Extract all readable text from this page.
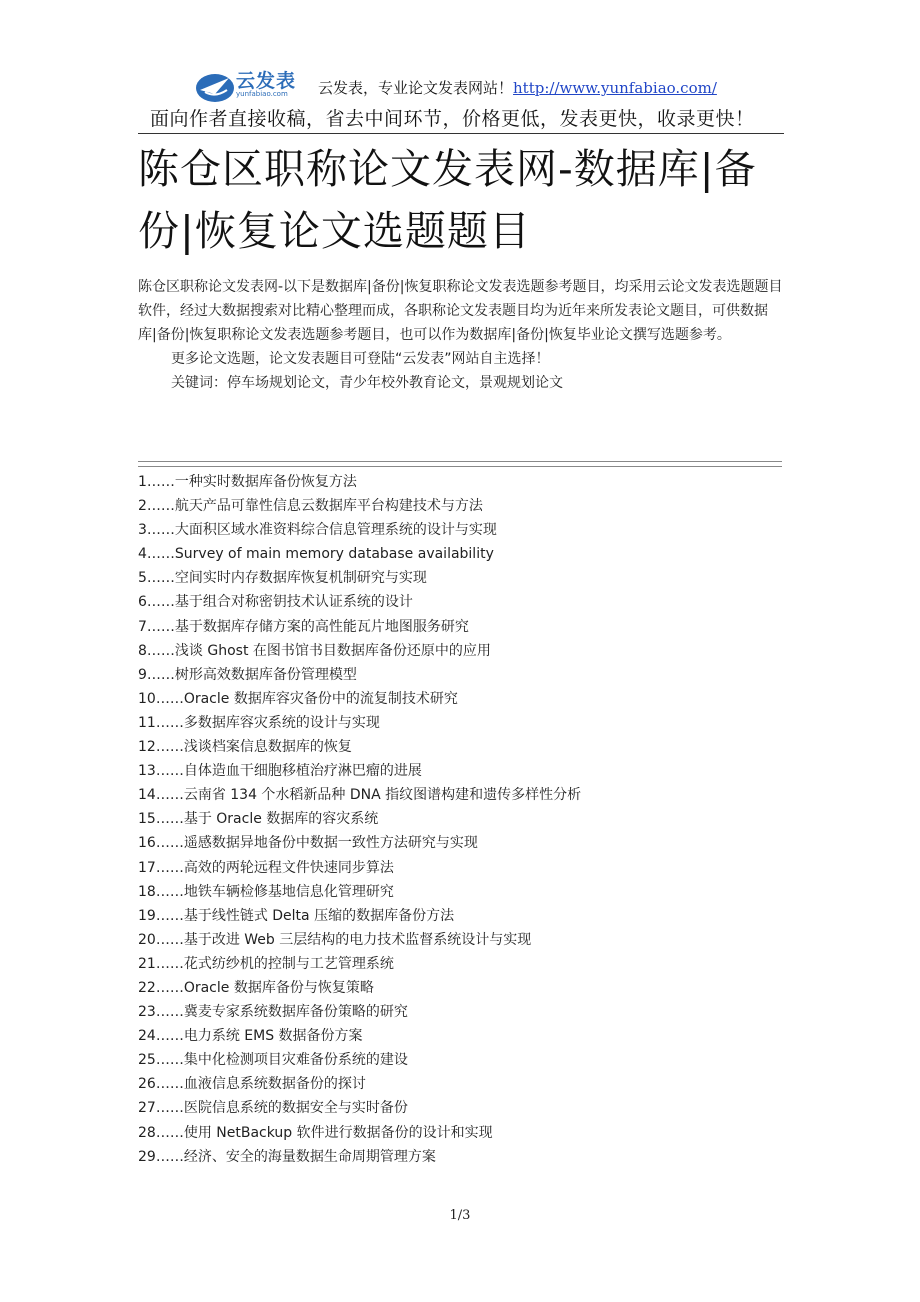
云发表
yunfabiao.com 云发表，专业论文发表网站！http://www.yunfabiao.com/
面向作者直接收稿，省去中间环节，价格更低，发表更快，收录更快！
陈仓区职称论文发表网-数据库|备份|恢复论文选题题目

陈仓区职称论文发表网-以下是数据库|备份|恢复职称论文发表选题参考题目，均采用云论文发表选题题目软件，经过大数据搜索对比精心整理而成，各职称论文发表题目均为近年来所发表论文题目，可供数据库|备份|恢复职称论文发表选题参考题目，也可以作为数据库|备份|恢复毕业论文撰写选题参考。

更多论文选题，论文发表题目可登陆“云发表”网站自主选择！

关键词：停车场规划论文，青少年校外教育论文，景观规划论文

1……一种实时数据库备份恢复方法
2……航天产品可靠性信息云数据库平台构建技术与方法
3……大面积区域水准资料综合信息管理系统的设计与实现
4……Survey of main memory database availability
5……空间实时内存数据库恢复机制研究与实现
6……基于组合对称密钥技术认证系统的设计
7……基于数据库存储方案的高性能瓦片地图服务研究
8……浅谈 Ghost 在图书馆书目数据库备份还原中的应用
9……树形高效数据库备份管理模型
10……Oracle 数据库容灾备份中的流复制技术研究
11……多数据库容灾系统的设计与实现
12……浅谈档案信息数据库的恢复
13……自体造血干细胞移植治疗淋巴瘤的进展
14……云南省 134 个水稻新品种 DNA 指纹图谱构建和遗传多样性分析
15……基于 Oracle 数据库的容灾系统
16……遥感数据异地备份中数据一致性方法研究与实现
17……高效的两轮远程文件快速同步算法
18……地铁车辆检修基地信息化管理研究
19……基于线性链式 Delta 压缩的数据库备份方法
20……基于改进 Web 三层结构的电力技术监督系统设计与实现
21……花式纺纱机的控制与工艺管理系统
22……Oracle 数据库备份与恢复策略
23……冀麦专家系统数据库备份策略的研究
24……电力系统 EMS 数据备份方案
25……集中化检测项目灾难备份系统的建设
26……血液信息系统数据备份的探讨
27……医院信息系统的数据安全与实时备份
28……使用 NetBackup 软件进行数据备份的设计和实现
29……经济、安全的海量数据生命周期管理方案
1/3
